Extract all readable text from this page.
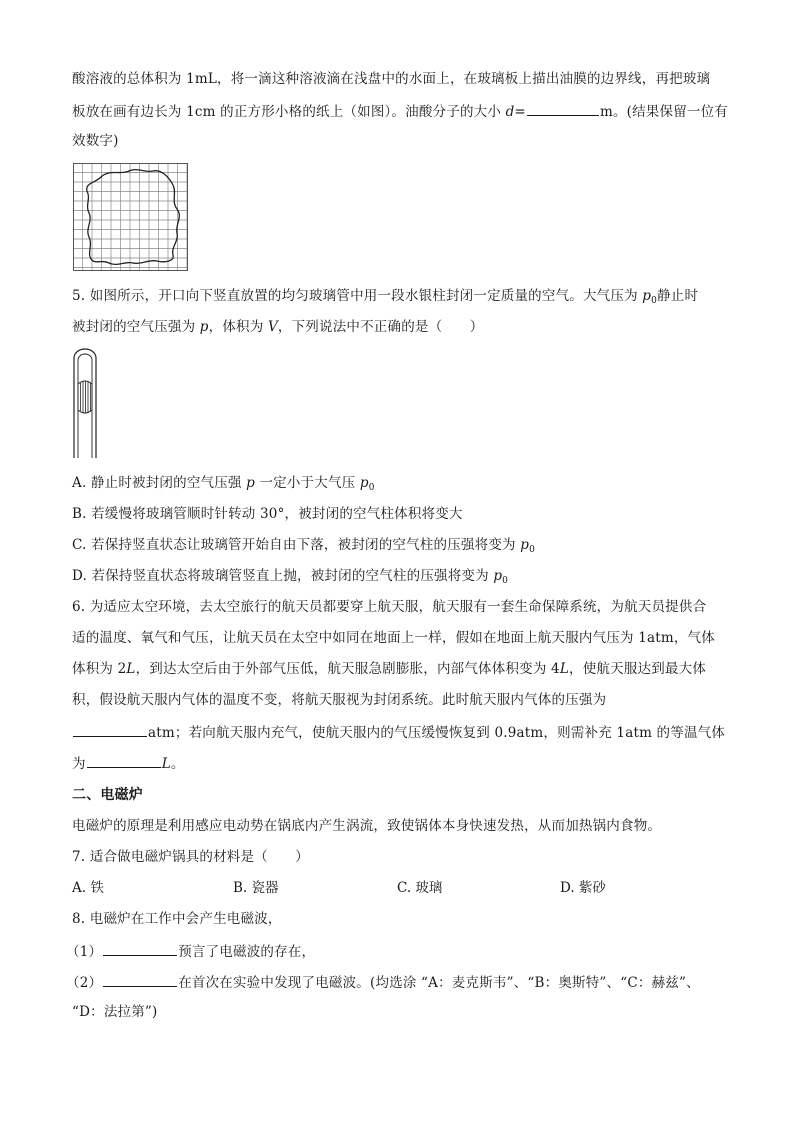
酸溶液的总体积为 1mL，将一滴这种溶液滴在浅盘中的水面上，在玻璃板上描出油膜的边界线，再把玻璃
板放在画有边长为 1cm 的正方形小格的纸上（如图）。油酸分子的大小 d=	m。(结果保留一位有
效数字)
5. 如图所示，开口向下竖直放置的均匀玻璃管中用一段水银柱封闭一定质量的空气。大气压为 $p_0$静止时
被封闭的空气压强为 p，体积为 V，下列说法中不正确的是（　　）
A. 静止时被封闭的空气压强 p 一定小于大气压 $p_0$
B. 若缓慢将玻璃管顺时针转动 30°，被封闭的空气柱体积将变大
C. 若保持竖直状态让玻璃管开始自由下落，被封闭的空气柱的压强将变为 $p_0$
D. 若保持竖直状态将玻璃管竖直上抛，被封闭的空气柱的压强将变为 $p_0$
6. 为适应太空环境，去太空旅行的航天员都要穿上航天服，航天服有一套生命保障系统，为航天员提供合
适的温度、氧气和气压，让航天员在太空中如同在地面上一样，假如在地面上航天服内气压为 1atm，气体
体积为 2L，到达太空后由于外部气压低，航天服急剧膨胀，内部气体体积变为 4L，使航天服达到最大体
积，假设航天服内气体的温度不变，将航天服视为封闭系统。此时航天服内气体的压强为
atm；若向航天服内充气，使航天服内的气压缓慢恢复到 0.9atm，则需补充 1atm 的等温气体
为	L。
二、电磁炉
电磁炉的原理是利用感应电动势在锅底内产生涡流，致使锅体本身快速发热，从而加热锅内食物。
7. 适合做电磁炉锅具的材料是（　　）
A. 铁	B. 瓷器	C. 玻璃	D. 紫砂
8. 电磁炉在工作中会产生电磁波，
（1）	预言了电磁波的存在，
（2）	在首次在实验中发现了电磁波。(均选涂 “A：麦克斯韦”、“B：奥斯特”、“C：赫兹”、
“D：法拉第”)
